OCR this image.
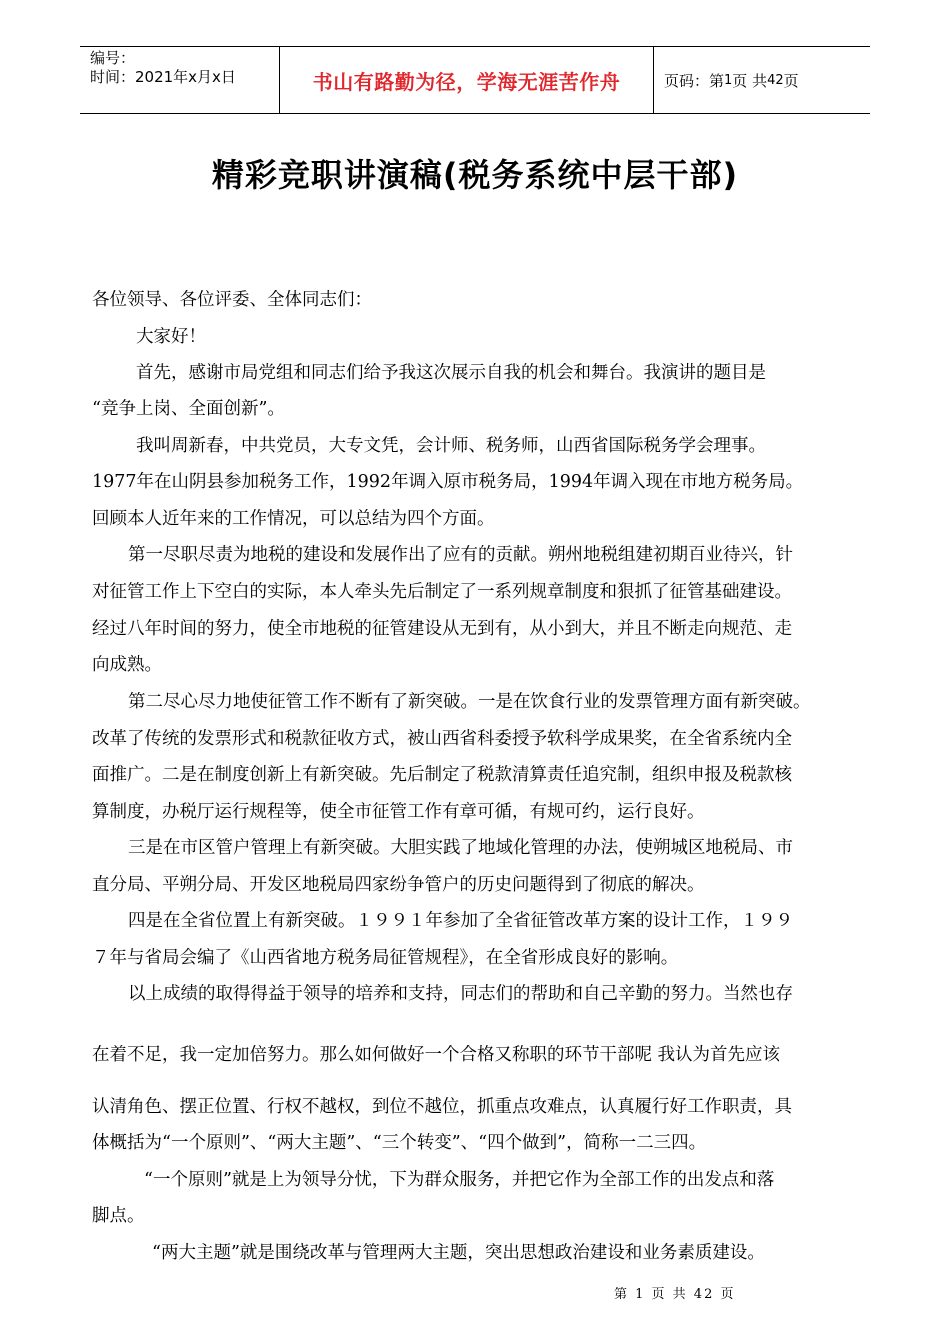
编号：
时间：2021年x月x日	书山有路勤为径，学海无涯苦作舟	页码：第 1 页 共 42 页
精彩竞职讲演稿(税务系统中层干部)
各位领导、各位评委、全体同志们：
大家好！
首先，感谢市局党组和同志们给予我这次展示自我的机会和舞台。我演讲的题目是
“竞争上岗、全面创新”。
我叫周新春，中共党员，大专文凭，会计师、税务师，山西省国际税务学会理事。
1977年在山阴县参加税务工作，1992年调入原市税务局，1994年调入现在市地方税务局。
回顾本人近年来的工作情况，可以总结为四个方面。
第一尽职尽责为地税的建设和发展作出了应有的贡献。朔州地税组建初期百业待兴，针
对征管工作上下空白的实际，本人牵头先后制定了一系列规章制度和狠抓了征管基础建设。
经过八年时间的努力，使全市地税的征管建设从无到有，从小到大，并且不断走向规范、走
向成熟。
第二尽心尽力地使征管工作不断有了新突破。一是在饮食行业的发票管理方面有新突破。
改革了传统的发票形式和税款征收方式，被山西省科委授予软科学成果奖，在全省系统内全
面推广。二是在制度创新上有新突破。先后制定了税款清算责任追究制，组织申报及税款核
算制度，办税厅运行规程等，使全市征管工作有章可循，有规可约，运行良好。
三是在市区管户管理上有新突破。大胆实践了地域化管理的办法，使朔城区地税局、市
直分局、平朔分局、开发区地税局四家纷争管户的历史问题得到了彻底的解决。
四是在全省位置上有新突破。１９９１年参加了全省征管改革方案的设计工作，１９９
７年与省局会编了《山西省地方税务局征管规程》，在全省形成良好的影响。
以上成绩的取得得益于领导的培养和支持，同志们的帮助和自己辛勤的努力。当然也存
在着不足，我一定加倍努力。那么如何做好一个合格又称职的环节干部呢 我认为首先应该
认清角色、摆正位置、行权不越权，到位不越位，抓重点攻难点，认真履行好工作职责，具
体概括为“一个原则”、“两大主题”、“三个转变”、“四个做到”，简称一二三四。
“一个原则”就是上为领导分忧，下为群众服务，并把它作为全部工作的出发点和落
脚点。
“两大主题”就是围绕改革与管理两大主题，突出思想政治建设和业务素质建设。
第 1 页 共 42 页
